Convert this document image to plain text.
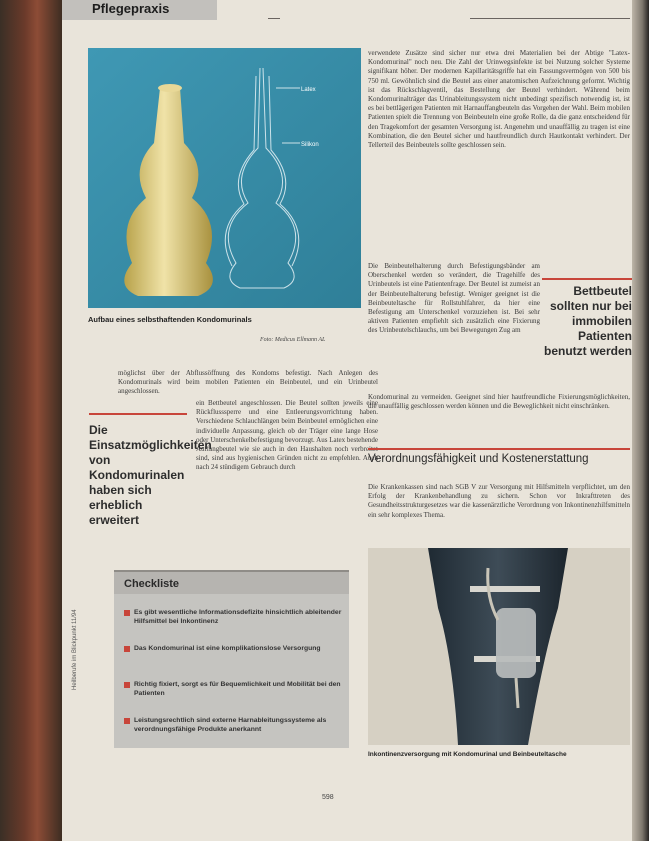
Pflegepraxis
Latex
Silikon
Aufbau eines selbsthaftenden Kondomurinals
Foto: Medicus Ellmann AL
verwendete Zusätze sind sicher nur etwa drei Materialien bei der Abtige "Latex-Kondomurinal" noch neu. Die Zahl der Urinwegsinfekte ist bei Nutzung solcher Systeme signifikant höher. Der modernen Kapillaritätsgriffe hat ein Fassungsvermögen von 500 bis 750 ml. Gewöhnlich sind die Beutel aus einer anatomischen Aufzeichnung geformt. Wichtig ist das Rückschlagventil, das Bestellung der Beutel verhindert. Während beim Kondomurinalträger das Urinableitungssystem nicht unbedingt spezifisch notwendig ist, ist es bei bettlägerigen Patienten mit Harnauffangbeuteln das Vorgehen der Wahl. Beim mobilen Patienten spielt die Trennung von Beinbeuteln eine große Rolle, da die ganz entscheidend für den Tragekomfort der gesamten Versorgung ist. Angenehm und unauffällig zu tragen ist eine Kombination, die den Beutel sicher und hautfreundlich durch Hautkontakt verhindert. Der Tellerteil des Beinbeutels sollte geschlossen sein.
Die Beinbeutelhalterung durch Befestigungsbänder am Oberschenkel werden so verändert, die Tragehilfe des Urinbeutels ist eine Patientenfrage. Der Beutel ist zumeist an der Beinbeutelhalterung befestigt. Weniger geeignet ist die Beinbeuteltasche für Rollstuhlfahrer, da hier eine Befestigung am Unterschenkel vorzuziehen ist. Bei sehr aktiven Patienten empfiehlt sich zusätzlich eine Fixierung des Urinbeutelschlauchs, um bei Bewegungen Zug am
Kondomurinal zu vermeiden. Geeignet sind hier hautfreundliche Fixierungsmöglichkeiten, die unauffällig geschlossen werden können und die Beweglichkeit nicht einschränken.
Bettbeutel sollten nur bei immobilen Patienten benutzt werden
möglichst über der Abflussöffnung des Kondoms befestigt. Nach Anlegen des Kondomurinals wird beim mobilen Patienten ein Beinbeutel, und ein Urinbeutel angeschlossen.
ein Bettbeutel angeschlossen. Die Beutel sollten jeweils eine Rückflusssperre und eine Entleerungsvorrichtung haben. Verschiedene Schlauchlängen beim Beinbeutel ermöglichen eine individuelle Anpassung, gleich ob der Träger eine lange Hose oder Unterschenkelbefestigung bevorzugt. Aus Latex bestehende Auffangbeutel wie sie auch in den Haushalten noch verbreitet sind, sind aus hygienischen Gründen nicht zu empfehlen. Auch nach 24 stündigem Gebrauch durch
Die Einsatzmöglichkeiten von Kondomurinalen haben sich erheblich erweitert
Verordnungsfähigkeit und Kostenerstattung
Die Krankenkassen sind nach SGB V zur Versorgung mit Hilfsmitteln verpflichtet, um den Erfolg der Krankenbehandlung zu sichern. Schon vor Inkrafttreten des Gesundheitsstrukturgesetzes war die kassenärztliche Verordnung von Inkontinenzhilfsmitteln ein sehr komplexes Thema.
Checkliste
Es gibt wesentliche Informationsdefizite hinsichtlich ableitender Hilfsmittel bei Inkontinenz
Das Kondomurinal ist eine komplikationslose Versorgung
Richtig fixiert, sorgt es für Bequemlichkeit und Mobilität bei den Patienten
Leistungsrechtlich sind externe Harnableitungssysteme als verordnungsfähige Produkte anerkannt
Inkontinenzversorgung mit Kondomurinal und Beinbeuteltasche
Heilberufe im Blickpunkt 11/94
598
